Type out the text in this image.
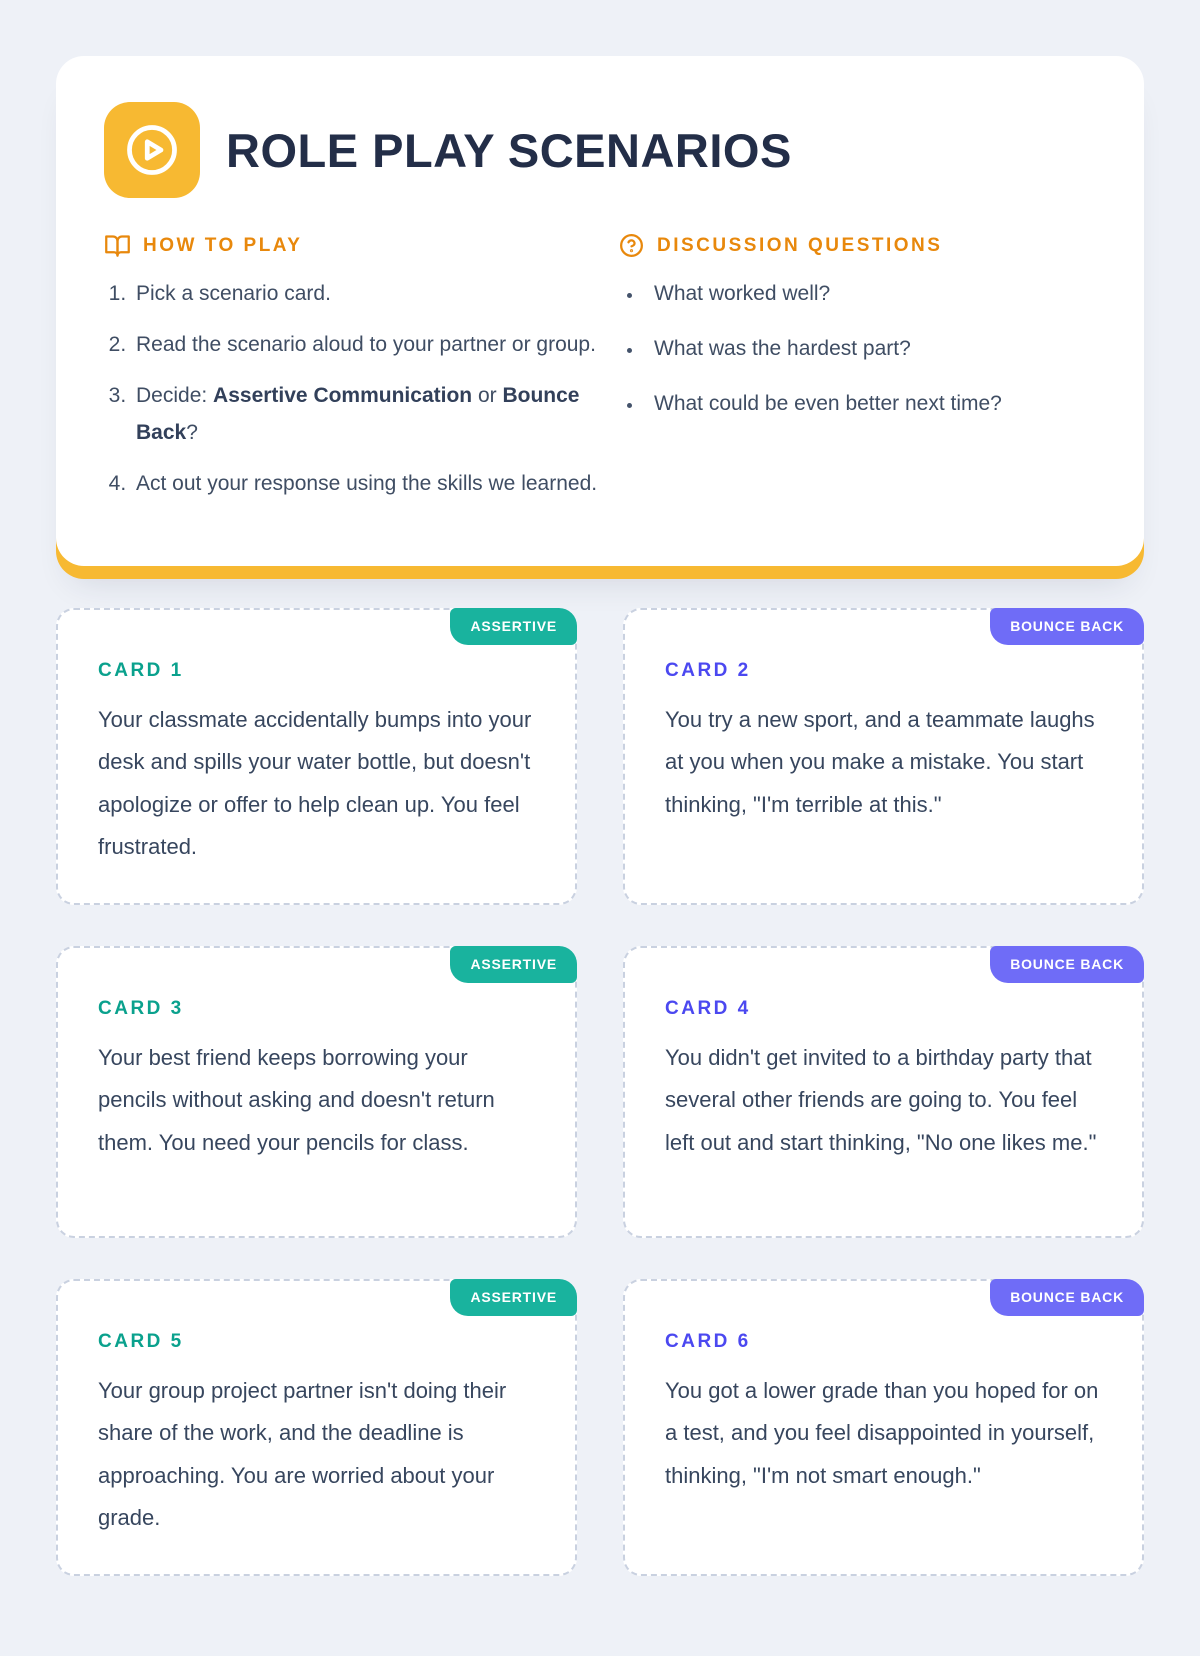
ROLE PLAY SCENARIOS
HOW TO PLAY
1. Pick a scenario card.
2. Read the scenario aloud to your partner or group.
3. Decide: Assertive Communication or Bounce Back?
4. Act out your response using the skills we learned.
DISCUSSION QUESTIONS
• What worked well?
• What was the hardest part?
• What could be even better next time?
ASSERTIVE
CARD 1

Your classmate accidentally bumps into your desk and spills your water bottle, but doesn't apologize or offer to help clean up. You feel frustrated.

BOUNCE BACK
CARD 2

You try a new sport, and a teammate laughs at you when you make a mistake. You start thinking, "I'm terrible at this."

ASSERTIVE
CARD 3

Your best friend keeps borrowing your pencils without asking and doesn't return them. You need your pencils for class.

BOUNCE BACK
CARD 4

You didn't get invited to a birthday party that several other friends are going to. You feel left out and start thinking, "No one likes me."

ASSERTIVE
CARD 5

Your group project partner isn't doing their share of the work, and the deadline is approaching. You are worried about your grade.

BOUNCE BACK
CARD 6

You got a lower grade than you hoped for on a test, and you feel disappointed in yourself, thinking, "I'm not smart enough."
